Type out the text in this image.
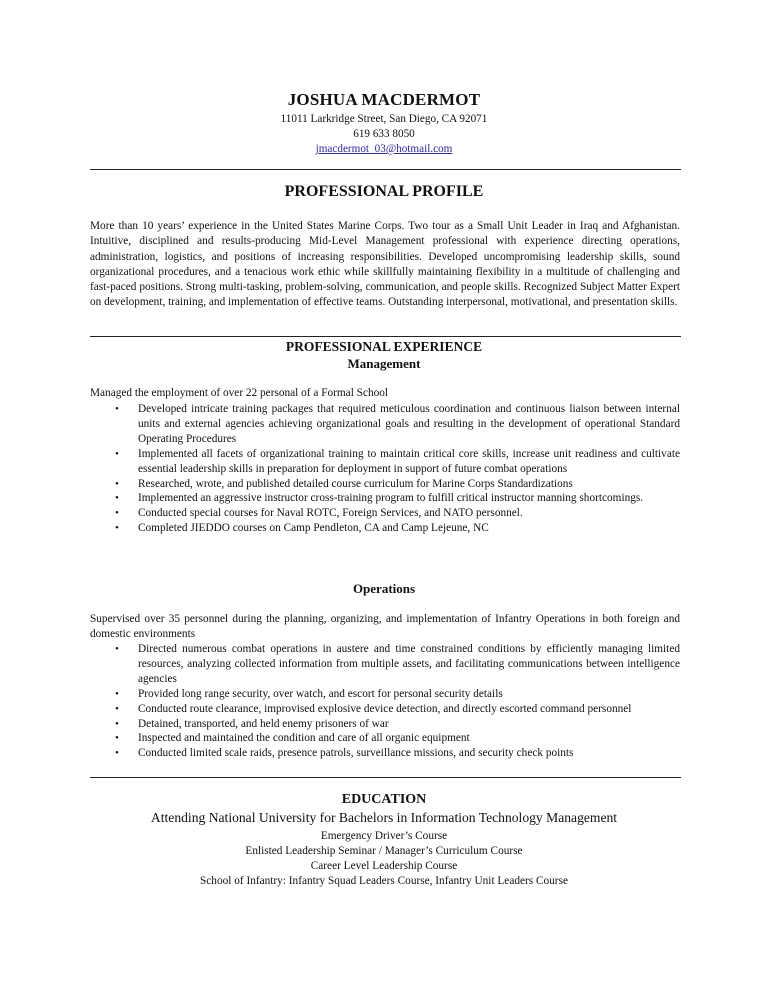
JOSHUA MACDERMOT
11011 Larkridge Street, San Diego, CA 92071
619 633 8050
jmacdermot_03@hotmail.com
PROFESSIONAL PROFILE
More than 10 years’ experience in the United States Marine Corps. Two tour as a Small Unit Leader in Iraq and Afghanistan. Intuitive, disciplined and results-producing Mid-Level Management professional with experience directing operations, administration, logistics, and positions of increasing responsibilities. Developed uncompromising leadership skills, sound organizational procedures, and a tenacious work ethic while skillfully maintaining flexibility in a multitude of challenging and fast-paced positions. Strong multi-tasking, problem-solving, communication, and people skills. Recognized Subject Matter Expert on development, training, and implementation of effective teams. Outstanding interpersonal, motivational, and presentation skills.
PROFESSIONAL EXPERIENCE
Management
Managed the employment of over 22 personal of a Formal School
• Developed intricate training packages that required meticulous coordination and continuous liaison between internal units and external agencies achieving organizational goals and resulting in the development of operational Standard Operating Procedures
• Implemented all facets of organizational training to maintain critical core skills, increase unit readiness and cultivate essential leadership skills in preparation for deployment in support of future combat operations
• Researched, wrote, and published detailed course curriculum for Marine Corps Standardizations
• Implemented an aggressive instructor cross-training program to fulfill critical instructor manning shortcomings.
• Conducted special courses for Naval ROTC, Foreign Services, and NATO personnel.
• Completed JIEDDO courses on Camp Pendleton, CA and Camp Lejeune, NC
Operations
Supervised over 35 personnel during the planning, organizing, and implementation of Infantry Operations in both foreign and domestic environments
• Directed numerous combat operations in austere and time constrained conditions by efficiently managing limited resources, analyzing collected information from multiple assets, and facilitating communications between intelligence agencies
• Provided long range security, over watch, and escort for personal security details
• Conducted route clearance, improvised explosive device detection, and directly escorted command personnel
• Detained, transported, and held enemy prisoners of war
• Inspected and maintained the condition and care of all organic equipment
• Conducted limited scale raids, presence patrols, surveillance missions, and security check points
EDUCATION
Attending National University for Bachelors in Information Technology Management
Emergency Driver’s Course
Enlisted Leadership Seminar / Manager’s Curriculum Course
Career Level Leadership Course
School of Infantry: Infantry Squad Leaders Course, Infantry Unit Leaders Course
